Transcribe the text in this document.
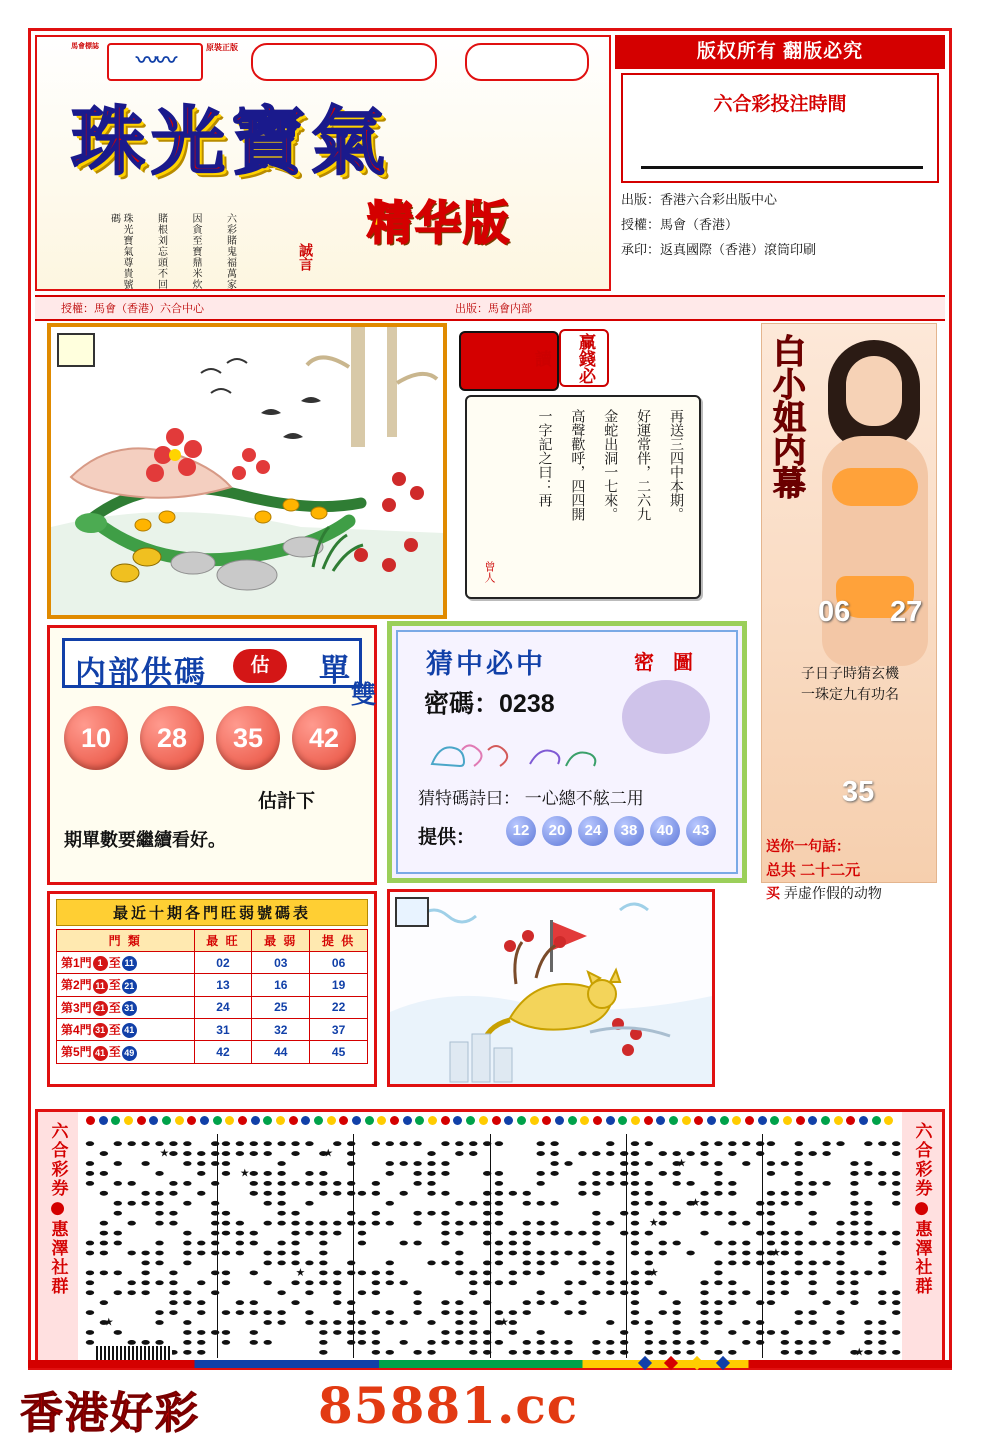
馬會標誌
〰〰
原裝正版
珠光寶氣
精华版
珠光寶氣尊貴號碼	賭根刘忘頭不回 因貪至寶鼎米炊 六彩賭鬼福萬家	誠言
版权所有 翻版必究
六合彩投注時間
出版：香港六合彩出版中心
授權：馬會（香港）
承印：返真國際（香港）滾筒印刷
授權：馬會（香港）六合中心	出版：馬會内部
赢錢必讀
一字記之曰：再 高聲歡呼，四四開 金蛇出洞一七來。 好運常伴，二六九 再送三四中本期。
曾人
白小姐内幕
06 27
35
子日子時猜玄機
一珠定九有功名
送你一句話：
总共 二十二元
买 弄虚作假的动物
内部供碼	估	單
雙
10	28	35	42
估計下
期單數要繼續看好。
猜中必中	密 圖
密碼：0238
猜特碼詩曰： 一心總不舷二用
提供：	12	20	24	38	40	43
最近十期各門旺弱號碼表
門 類	最 旺	最 弱	提 供
第1門 1 至 11	02	03	06
第2門 11 至 21	13	16	19
第3門 21 至 31	24	25	22
第4門 31 至 41	31	32	37
第5門 41 至 49	42	44	45
六合彩券●惠澤社群	六合彩券●惠澤社群
★
★
★
★
★
★
★
★
★
★
★
★
香港好彩 85881.cc
